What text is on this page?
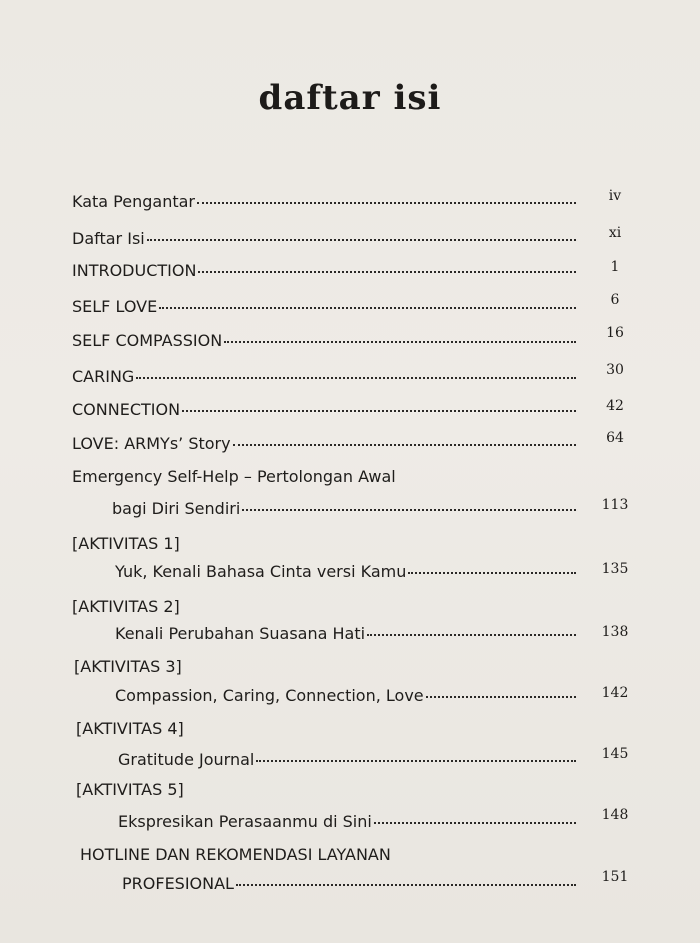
daftar isi
Kata Pengantar	iv
Daftar Isi	xi
INTRODUCTION	1
SELF LOVE	6
SELF COMPASSION	16
CARING	30
CONNECTION	42
LOVE: ARMYs’ Story	64
Emergency Self-Help – Pertolongan Awal
bagi Diri Sendiri	113
[AKTIVITAS 1]
Yuk, Kenali Bahasa Cinta versi Kamu	135
[AKTIVITAS 2]
Kenali Perubahan Suasana Hati	138
[AKTIVITAS 3]
Compassion, Caring, Connection, Love	142
[AKTIVITAS 4]
Gratitude Journal	145
[AKTIVITAS 5]
Ekspresikan Perasaanmu di Sini	148
HOTLINE DAN REKOMENDASI LAYANAN
PROFESIONAL	151
